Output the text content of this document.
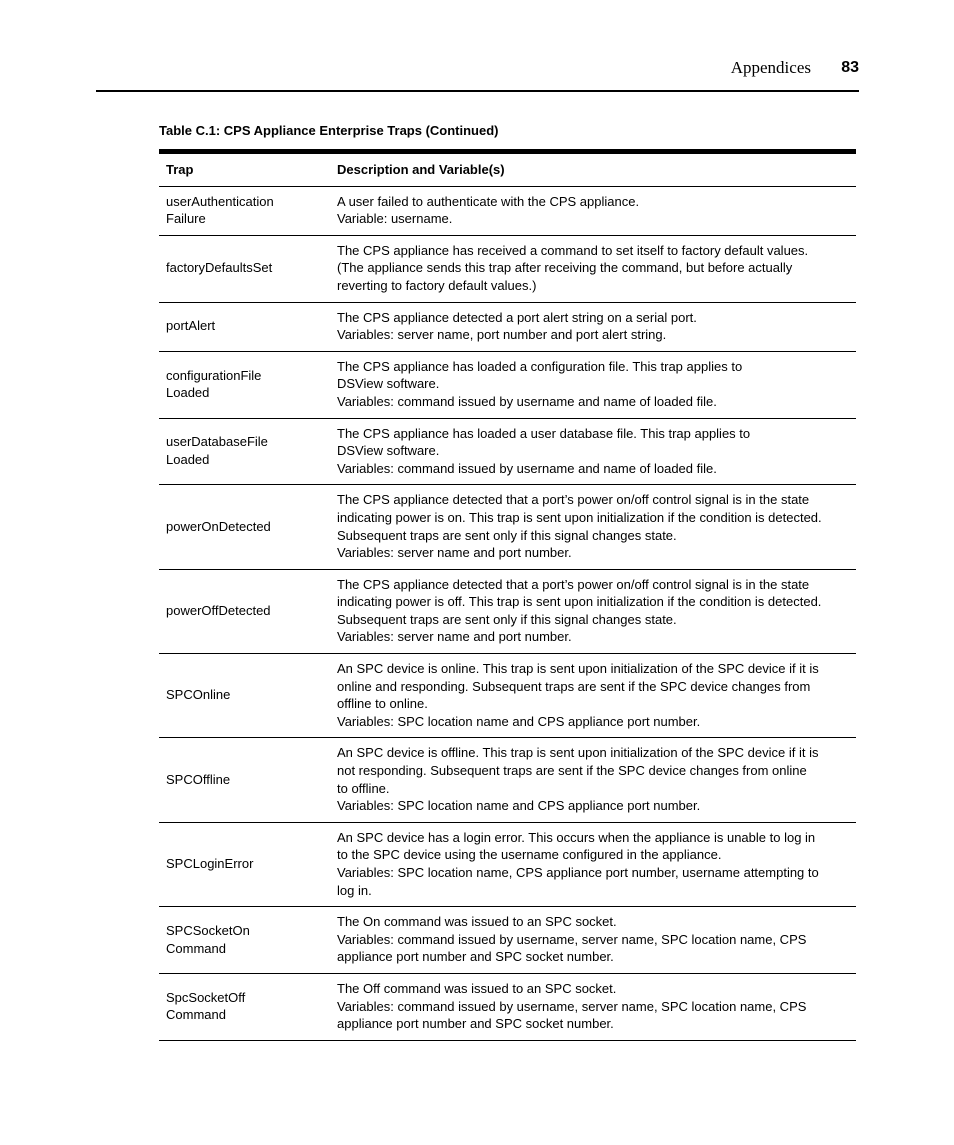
Appendices 83
Table C.1: CPS Appliance Enterprise Traps (Continued)
Trap	Description and Variable(s)

userAuthentication
Failure	A user failed to authenticate with the CPS appliance.
Variable: username.

factoryDefaultsSet	The CPS appliance has received a command to set itself to factory default values.
(The appliance sends this trap after receiving the command, but before actually
reverting to factory default values.)

portAlert	The CPS appliance detected a port alert string on a serial port.
Variables: server name, port number and port alert string.

configurationFile
Loaded	The CPS appliance has loaded a configuration file. This trap applies to
DSView software.
Variables: command issued by username and name of loaded file.

userDatabaseFile
Loaded	The CPS appliance has loaded a user database file. This trap applies to
DSView software.
Variables: command issued by username and name of loaded file.

powerOnDetected	The CPS appliance detected that a port’s power on/off control signal is in the state
indicating power is on. This trap is sent upon initialization if the condition is detected.
Subsequent traps are sent only if this signal changes state.
Variables: server name and port number.

powerOffDetected	The CPS appliance detected that a port’s power on/off control signal is in the state
indicating power is off. This trap is sent upon initialization if the condition is detected.
Subsequent traps are sent only if this signal changes state.
Variables: server name and port number.

SPCOnline	An SPC device is online. This trap is sent upon initialization of the SPC device if it is
online and responding. Subsequent traps are sent if the SPC device changes from
offline to online.
Variables: SPC location name and CPS appliance port number.

SPCOffline	An SPC device is offline. This trap is sent upon initialization of the SPC device if it is
not responding. Subsequent traps are sent if the SPC device changes from online
to offline.
Variables: SPC location name and CPS appliance port number.

SPCLoginError	An SPC device has a login error. This occurs when the appliance is unable to log in
to the SPC device using the username configured in the appliance.
Variables: SPC location name, CPS appliance port number, username attempting to
log in.

SPCSocketOn
Command	The On command was issued to an SPC socket.
Variables: command issued by username, server name, SPC location name, CPS
appliance port number and SPC socket number.

SpcSocketOff
Command	The Off command was issued to an SPC socket.
Variables: command issued by username, server name, SPC location name, CPS
appliance port number and SPC socket number.
